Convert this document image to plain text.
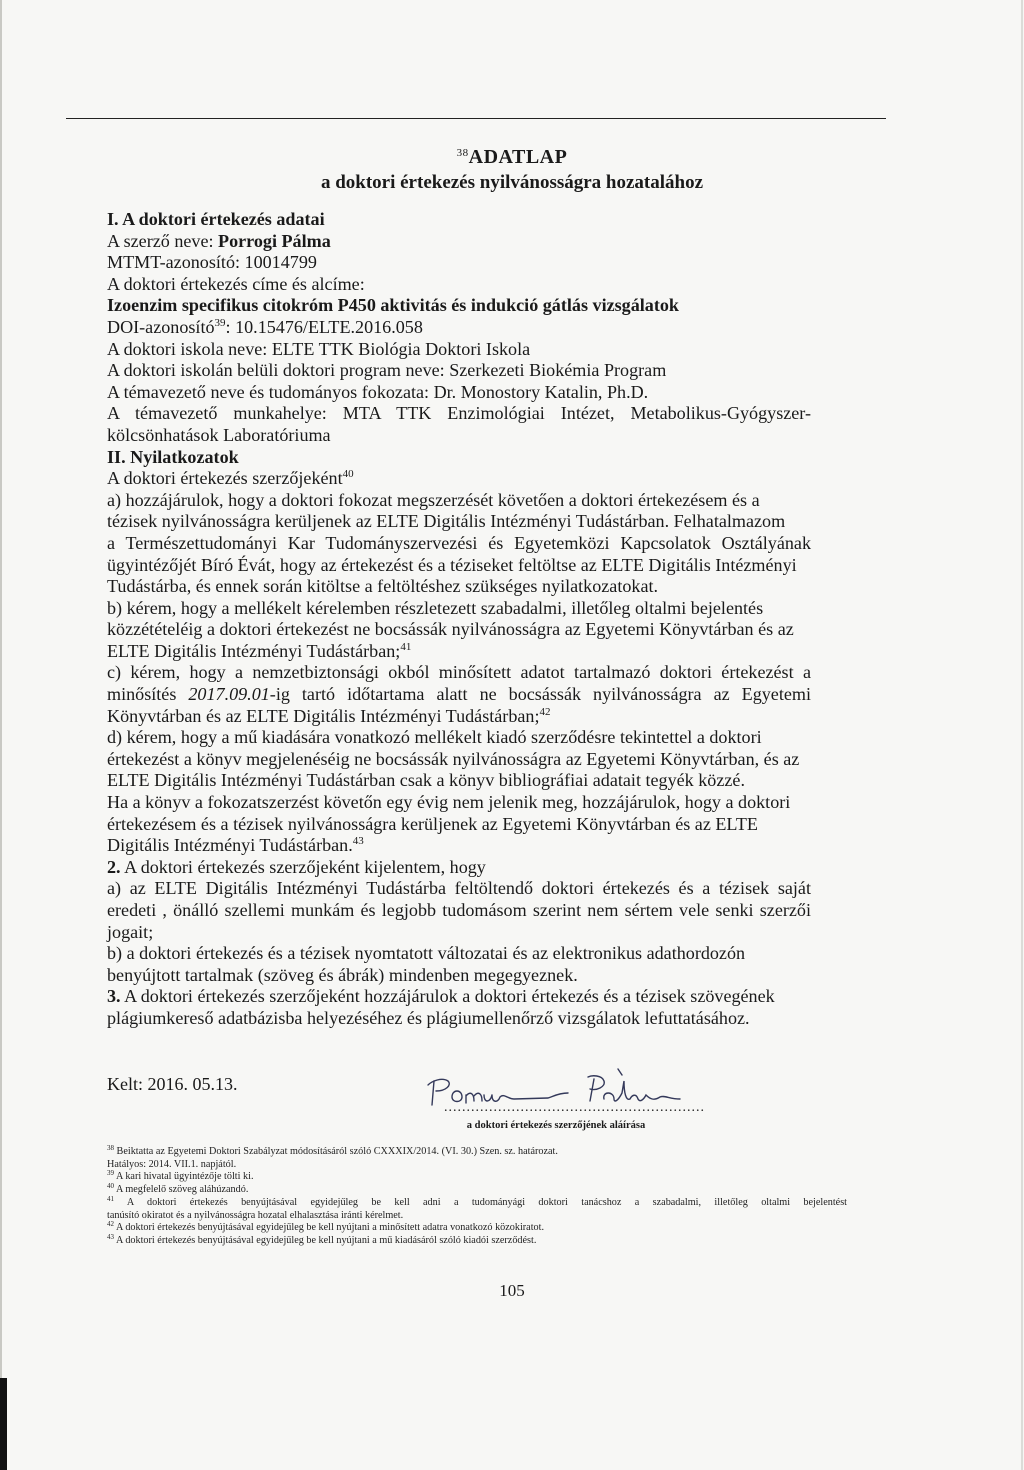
$^{38}$ADATLAP
a doktori értekezés nyilvánosságra hozatalához
I. A doktori értekezés adatai
A szerző neve: Porrogi Pálma
MTMT-azonosító: 10014799
A doktori értekezés címe és alcíme:
Izoenzim specifikus citokróm P450 aktivitás és indukció gátlás vizsgálatok
DOI-azonosító$^{39}$: 10.15476/ELTE.2016.058
A doktori iskola neve: ELTE TTK Biológia Doktori Iskola
A doktori iskolán belüli doktori program neve: Szerkezeti Biokémia Program
A témavezető neve és tudományos fokozata: Dr. Monostory Katalin, Ph.D.
A témavezető munkahelye: MTA TTK Enzimológiai Intézet, Metabolikus-Gyógyszer-
kölcsönhatások Laboratóriuma
II. Nyilatkozatok
A doktori értekezés szerzőjeként$^{40}$
a) hozzájárulok, hogy a doktori fokozat megszerzését követően a doktori értekezésem és a
tézisek nyilvánosságra kerüljenek az ELTE Digitális Intézményi Tudástárban. Felhatalmazom
a Természettudományi Kar Tudományszervezési és Egyetemközi Kapcsolatok Osztályának
ügyintézőjét Bíró Évát, hogy az értekezést és a téziseket feltöltse az ELTE Digitális Intézményi
Tudástárba, és ennek során kitöltse a feltöltéshez szükséges nyilatkozatokat.
b) kérem, hogy a mellékelt kérelemben részletezett szabadalmi, illetőleg oltalmi bejelentés
közzétételéig a doktori értekezést ne bocsássák nyilvánosságra az Egyetemi Könyvtárban és az
ELTE Digitális Intézményi Tudástárban;$^{41}$
c) kérem, hogy a nemzetbiztonsági okból minősített adatot tartalmazó doktori értekezést a
minősítés 2017.09.01-ig tartó időtartama alatt ne bocsássák nyilvánosságra az Egyetemi
Könyvtárban és az ELTE Digitális Intézményi Tudástárban;$^{42}$
d) kérem, hogy a mű kiadására vonatkozó mellékelt kiadó szerződésre tekintettel a doktori
értekezést a könyv megjelenéséig ne bocsássák nyilvánosságra az Egyetemi Könyvtárban, és az
ELTE Digitális Intézményi Tudástárban csak a könyv bibliográfiai adatait tegyék közzé.
Ha a könyv a fokozatszerzést követőn egy évig nem jelenik meg, hozzájárulok, hogy a doktori
értekezésem és a tézisek nyilvánosságra kerüljenek az Egyetemi Könyvtárban és az ELTE
Digitális Intézményi Tudástárban.$^{43}$
2. A doktori értekezés szerzőjeként kijelentem, hogy
a) az ELTE Digitális Intézményi Tudástárba feltöltendő doktori értekezés és a tézisek saját
eredeti , önálló szellemi munkám és legjobb tudomásom szerint nem sértem vele senki szerzői
jogait;
b) a doktori értekezés és a tézisek nyomtatott változatai és az elektronikus adathordozón
benyújtott tartalmak (szöveg és ábrák) mindenben megegyeznek.
3. A doktori értekezés szerzőjeként hozzájárulok a doktori értekezés és a tézisek szövegének
plágiumkereső adatbázisba helyezéséhez és plágiumellenőrző vizsgálatok lefuttatásához.
Kelt: 2016. 05.13.
..........................................................
a doktori értekezés szerzőjének aláírása
$^{38}$ Beiktatta az Egyetemi Doktori Szabályzat módosításáról szóló CXXXIX/2014. (VI. 30.) Szen. sz. határozat.
Hatályos: 2014. VII.1. napjától.
$^{39}$ A kari hivatal ügyintézője tölti ki.
$^{40}$ A megfelelő szöveg aláhúzandó.
$^{41}$ A doktori értekezés benyújtásával egyidejűleg be kell adni a tudományági doktori tanácshoz a szabadalmi, illetőleg oltalmi bejelentést
tanúsító okiratot és a nyilvánosságra hozatal elhalasztása iránti kérelmet.
$^{42}$ A doktori értekezés benyújtásával egyidejűleg be kell nyújtani a minősített adatra vonatkozó közokiratot.
$^{43}$ A doktori értekezés benyújtásával egyidejűleg be kell nyújtani a mű kiadásáról szóló kiadói szerződést.
105
